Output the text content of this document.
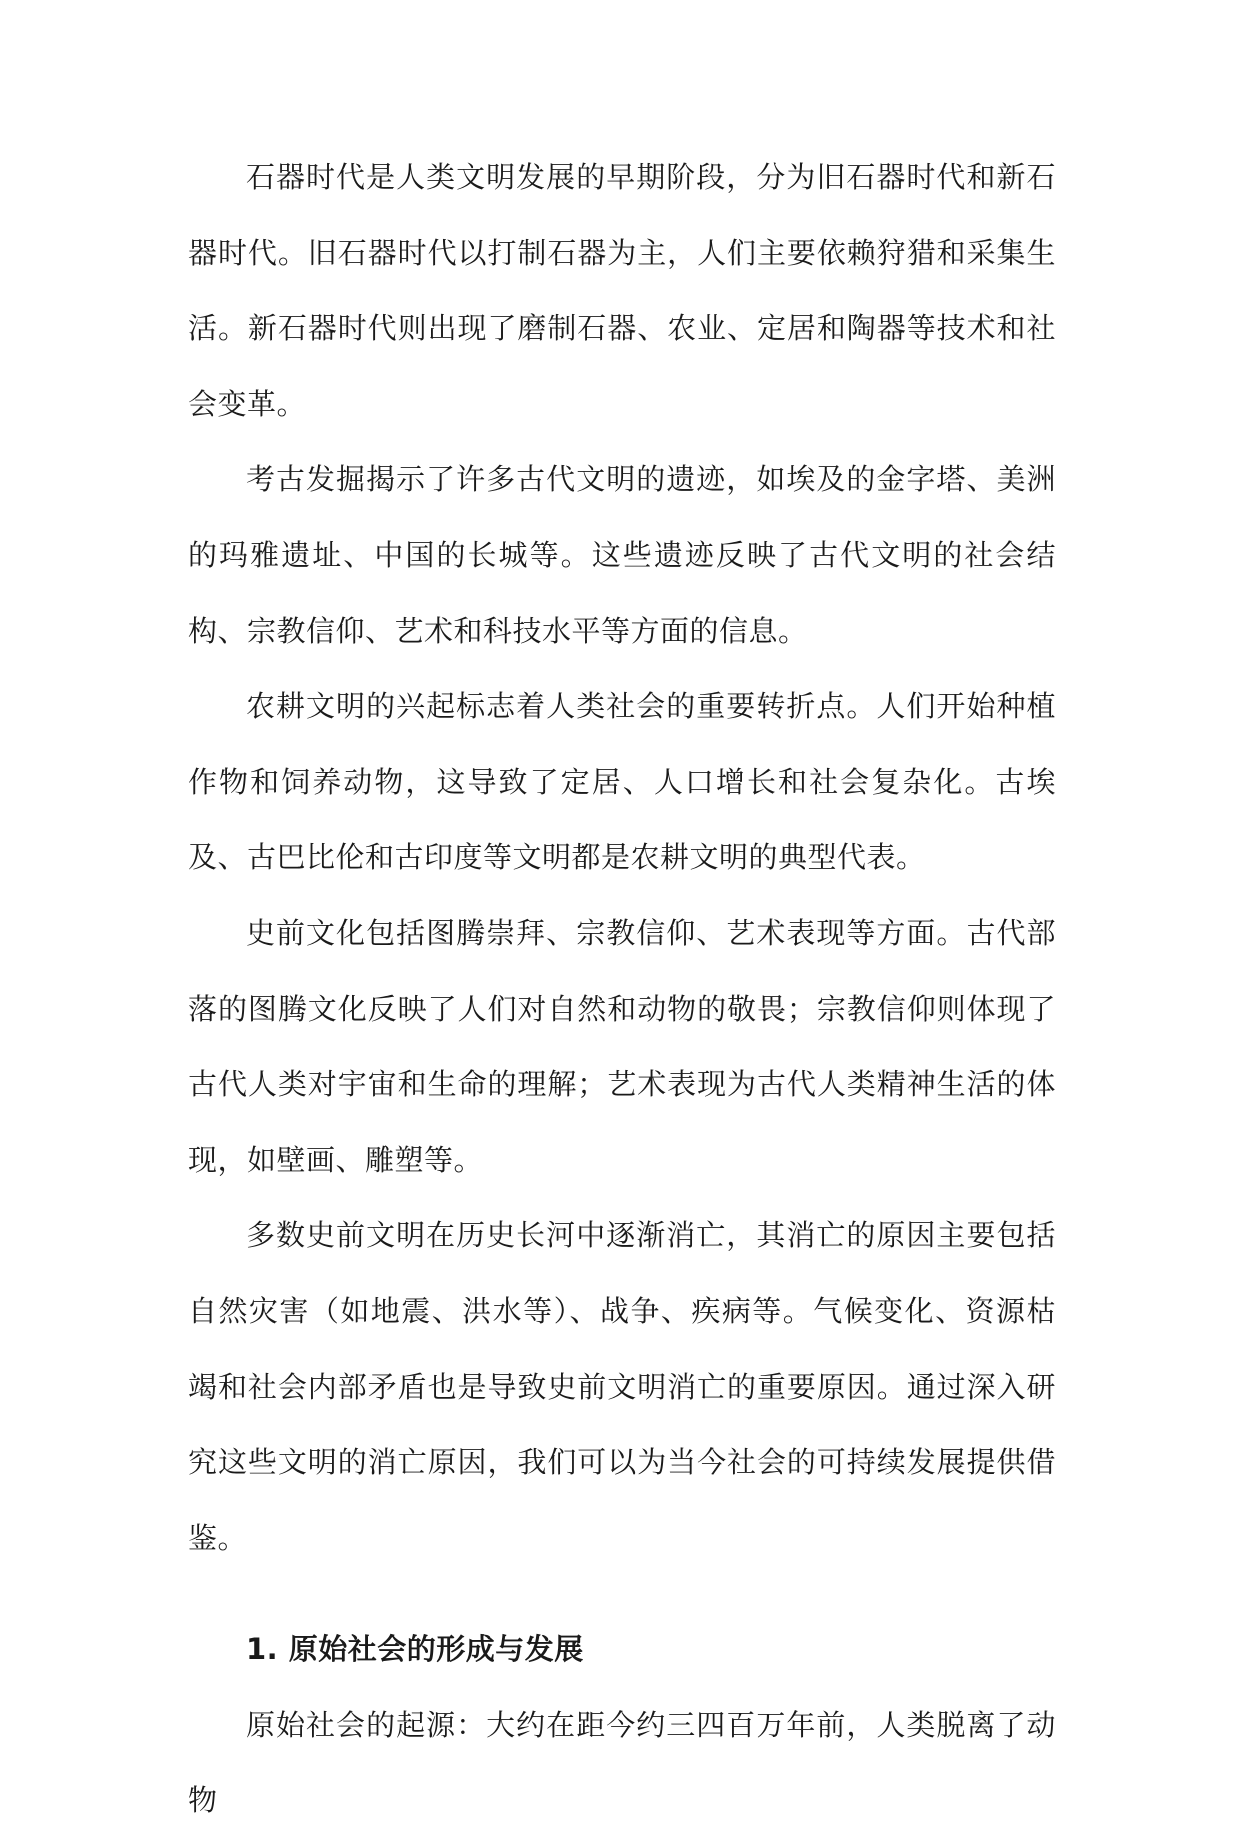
石器时代是人类文明发展的早期阶段，分为旧石器时代和新石器时代。旧石器时代以打制石器为主，人们主要依赖狩猎和采集生活。新石器时代则出现了磨制石器、农业、定居和陶器等技术和社会变革。

考古发掘揭示了许多古代文明的遗迹，如埃及的金字塔、美洲的玛雅遗址、中国的长城等。这些遗迹反映了古代文明的社会结构、宗教信仰、艺术和科技水平等方面的信息。

农耕文明的兴起标志着人类社会的重要转折点。人们开始种植作物和饲养动物，这导致了定居、人口增长和社会复杂化。古埃及、古巴比伦和古印度等文明都是农耕文明的典型代表。

史前文化包括图腾崇拜、宗教信仰、艺术表现等方面。古代部落的图腾文化反映了人们对自然和动物的敬畏；宗教信仰则体现了古代人类对宇宙和生命的理解；艺术表现为古代人类精神生活的体现，如壁画、雕塑等。

多数史前文明在历史长河中逐渐消亡，其消亡的原因主要包括自然灾害（如地震、洪水等）、战争、疾病等。气候变化、资源枯竭和社会内部矛盾也是导致史前文明消亡的重要原因。通过深入研究这些文明的消亡原因，我们可以为当今社会的可持续发展提供借鉴。

1. 原始社会的形成与发展

原始社会的起源：大约在距今约三四百万年前，人类脱离了动物
